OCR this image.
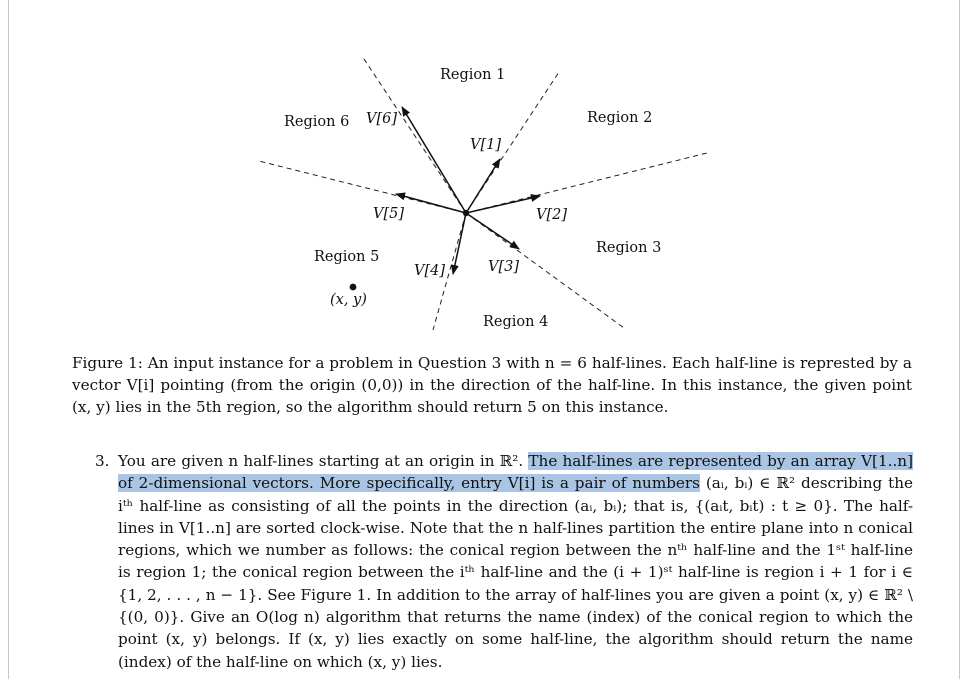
Region 1
Region 2
Region 3
Region 4
Region 5
Region 6
V[1]
V[2]
V[3]
V[4]
V[5]
V[6]
(x, y)

Figure 1: An input instance for a problem in Question 3 with n = 6 half-lines. Each half-line is represted by a vector V[i] pointing (from the origin (0,0)) in the direction of the half-line. In this instance, the given point (x, y) lies in the 5th region, so the algorithm should return 5 on this instance.

3. You are given n half-lines starting at an origin in ℝ². The half-lines are represented by an array V[1..n] of 2-dimensional vectors. More specifically, entry V[i] is a pair of numbers (aᵢ, bᵢ) ∈ ℝ² describing the iᵗʰ half-line as consisting of all the points in the direction (aᵢ, bᵢ); that is, {(aᵢt, bᵢt) : t ≥ 0}. The half-lines in V[1..n] are sorted clock-wise. Note that the n half-lines partition the entire plane into n conical regions, which we number as follows: the conical region between the nᵗʰ half-line and the 1ˢᵗ half-line is region 1; the conical region between the iᵗʰ half-line and the (i + 1)ˢᵗ half-line is region i + 1 for i ∈ {1, 2, . . . , n − 1}. See Figure 1. In addition to the array of half-lines you are given a point (x, y) ∈ ℝ² \ {(0, 0)}. Give an O(log n) algorithm that returns the name (index) of the conical region to which the point (x, y) belongs. If (x, y) lies exactly on some half-line, the algorithm should return the name (index) of the half-line on which (x, y) lies.
